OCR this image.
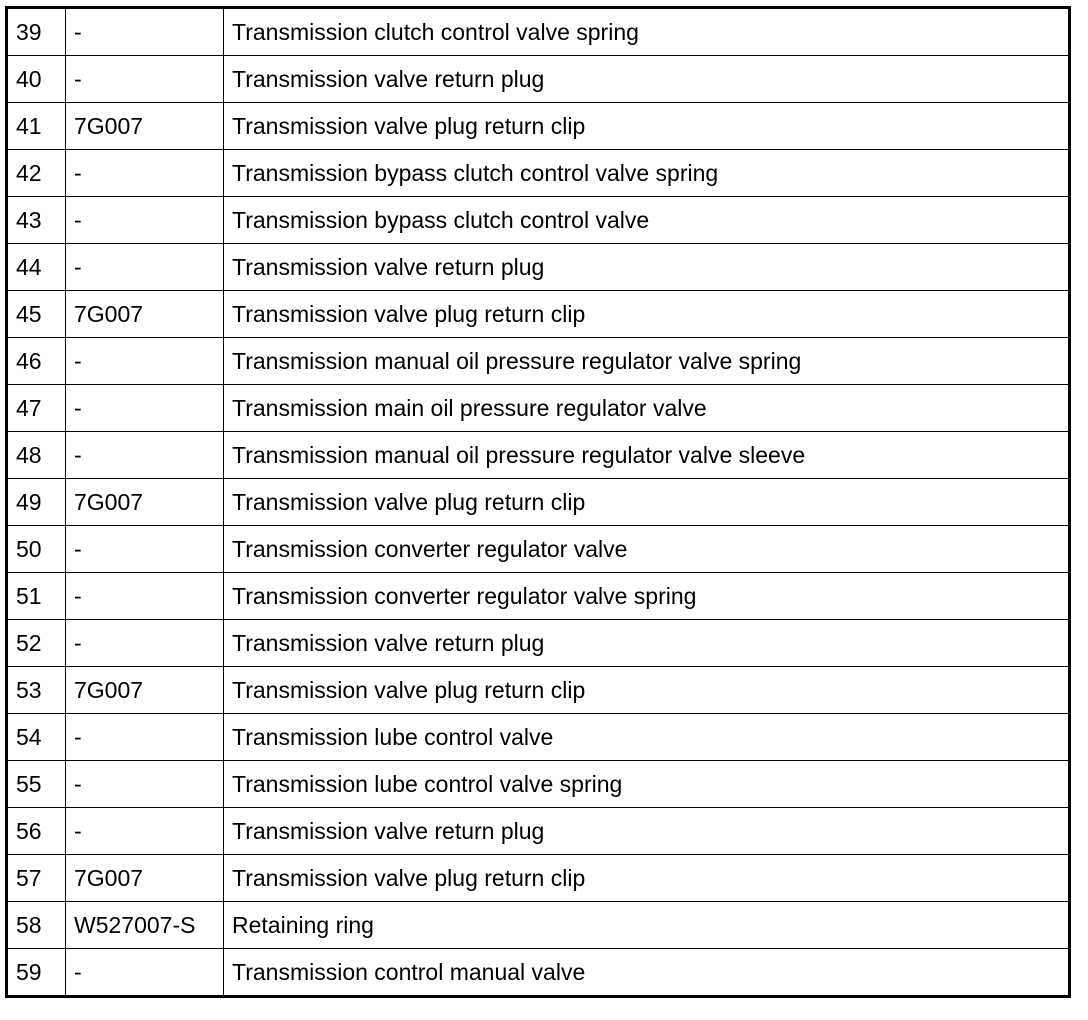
39	-	Transmission clutch control valve spring
40	-	Transmission valve return plug
41	7G007	Transmission valve plug return clip
42	-	Transmission bypass clutch control valve spring
43	-	Transmission bypass clutch control valve
44	-	Transmission valve return plug
45	7G007	Transmission valve plug return clip
46	-	Transmission manual oil pressure regulator valve spring
47	-	Transmission main oil pressure regulator valve
48	-	Transmission manual oil pressure regulator valve sleeve
49	7G007	Transmission valve plug return clip
50	-	Transmission converter regulator valve
51	-	Transmission converter regulator valve spring
52	-	Transmission valve return plug
53	7G007	Transmission valve plug return clip
54	-	Transmission lube control valve
55	-	Transmission lube control valve spring
56	-	Transmission valve return plug
57	7G007	Transmission valve plug return clip
58	W527007-S	Retaining ring
59	-	Transmission control manual valve
